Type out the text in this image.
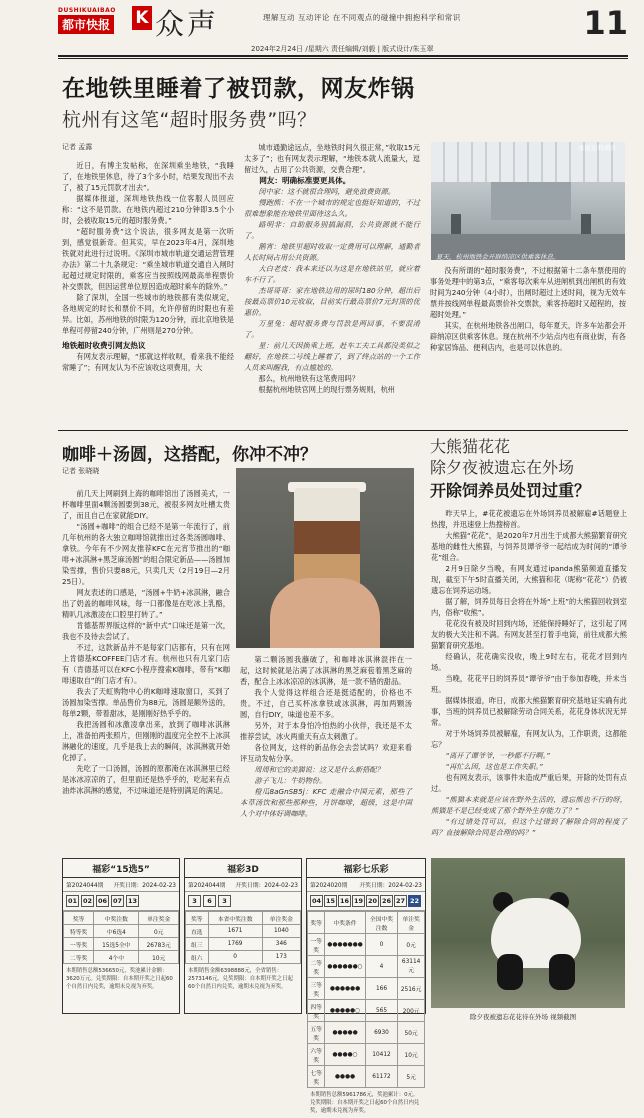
DUSHIKUAIBAO
都市快报 K 众声	理解互动 互动评论 在不同观点的碰撞中拥抱科学和常识	11
2024年2月24日 /星期六 责任编辑/刘毅 | 版式设计/朱玉翠
在地铁里睡着了被罚款，网友炸锅
杭州有这笔“超时服务费”吗？
记者 孟露

近日，有博主发帖称，在深圳乘坐地铁，“我睡了，在地铁里休息，待了3个多小时，结果发现出不去了，被了15元罚款才出去”。

据媒体报道，深圳地铁热线一位客服人员回应称：“这不是罚款。在地铁内超过210分钟即3.5个小时，会被收取15元的超时服务费。”

“超时服务费”这个说法，很多网友是第一次听到，感觉很新奇。但其实，早在2023年4月，深圳地铁就对此进行过说明。《深圳市城市轨道交通运营管理办法》第二十九条规定：“乘坐城市轨道交通自入闸时起超过规定时限的，乘客应当按照线网最高单程票价补交票款，但因运营单位原因造成超时乘车的除外。”

除了深圳，全国一些城市的地铁都有类似规定，各地规定的时长和票价不同，允许停留的时限也有差异。比如，苏州地铁的时限为120分钟，而北京地铁是单程可停留240分钟，广州则是270分钟。

地铁超时收费引网友热议

有网友表示理解，“那就这样收呗，看来我不能经常睡了”；有网友认为不应该收这项费用，大

城市通勤途远点，坐地铁时间久很正常，”收取15元太多了”；也有网友表示理解，“地铁本就人流量大，逗留过久，占用了公共资源，交费合理”。

网友：明确标准要更具体。

闵中家：这不就很合理吗，避免浪费资源。

慢跑熊：不在一个城市的规定也挺好知道的，不过很难想象能在地铁里面待这么久。

路明非：自助服务别搞漏洞，公共资源就不能行了。

鹅宵：地铁里超时收取一定费用可以理解，通勤者人长时间占用公共资源。

大白老皮：我本来还以为这是在地铁站里，就应着车不行了。

杰哥哥哥：家在地铁边用的尿时180分钟，超出后按最高票价10元收取，目前实行最高票价7元封顶的优惠价。

万星兔：超时服务费与罚款是两回事，不要混淆了。

星：前几天因换乘上班，赶车工夫工具都没类似之翻好，在地铁二号线上睡着了，到了终点站的一个工作人员来叫醒我，有点尴尬的。

那么，杭州地铁有这笔费用吗？

根据杭州地铁官网上的现行票务规则，杭州

夏天，杭州地铁会开辟纳凉区供乘客休息。
本报资料照片

没有所谓的“超时服务费”，不过根据第十二条车票使用的事务处理中的第3点，“乘客每次乘车从进闸机到出闸机的有效时间为240分钟（4小时），出闸时超过上述时间，视为无效车票并按线网单程最高票价补交票款，乘客持超时又超程的，按超时处理。”

其实，在杭州地铁各出闸口，每年夏天，许多车站都会开辟纳凉区供乘客休息。现在杭州不少站点内也有商业街，有各种家居饰品、便利店内，也是可以休息的。

咖啡＋汤圆，这搭配，你冲不冲？
记者 张晓晓

前几天上网刷到上海的咖啡馆出了汤圆美式，一杯咖啡里面4颗汤圆要到38元，被很多网友吐槽太贵了，而且自己在家就能DIY。

“汤圆+咖啡”的组合已经不是第一年流行了，前几年杭州的各大独立咖啡馆就推出过各类汤圆咖啡、拿铁。今年有不少网友推荐KFC在元宵节推出的“咖啡+冰淇淋+黑芝麻汤圆”的组合限定新品——汤圆加染雪撑，售价只要88元，只卖几天（2月19日—2月25日）。

网友表述的口感是，“汤圆+牛奶+冰淇淋，融合出了奶盖的咖啡风味，每一口都像是在吃冰上乳酪，精叭几冰激凌在口腔里打转了。”

肯德基帮界版这样的“新中式”口味还是第一次，我也不及待去尝试了。

不过，这款新品并不是每家门店都有，只有在网上肯德基KCOFFEE门店才有。杭州也只有几家门店有（肯德基可以在KFC小程序搜索K咖啡，带有“K咖啡速取自”的门店才有）。

我去了天虹购物中心的K咖啡速取窗口，买到了汤圆加染雪撑。单品售价为88元，汤圆是额外送的，每单2颗，带着甜冰，是刚刚好热乎乎的。

我把汤圆和冰激凌拿出来，放到了咖啡冰淇淋上，准备拍两张照片，但刚刚的温度完全控不上冰淇淋融化的速度，几乎是我上去的瞬间，冰淇淋就开始化掉了。

先吃了一口汤圆，汤圆的原都淹在冰淇淋里已经是冰冰凉凉的了，但里面还是热乎乎的，吃起来有点油炸冰淇淋的感觉，不过味道还是特别满足的满足。

第二颗汤圆我蘸破了，和咖啡冰淇淋混拌在一起，这时候就是沾满了冰淇淋的黑芝麻苞着黑芝麻的香，配合上冰冰凉凉的冰淇淋，是一款不错的甜品。

我个人觉得这样组合还是挺适配的，价格也不贵。不过，自己买杯冰拿铁或冰淇淋，再加两颗汤圆，自行DIY，味道也差不多。

另外，对于本身怕冷怕热的小伙伴，我还是不太推荐尝试，冰火两重天有点太刺激了。

各位网友，这样的新品你会去尝试吗？欢迎来看评互动发帖分享。

周周和它的美猫说：这又是什么新搭配？

游子飞儿：牛奶物份。

橙瓜8aGnSB5j：KFC 走融合中国元素，那些了本草汤饮和那些那种些，月饼咖啡，超级，这是中国人个对中体好调咖啡。

大熊猫花花
除夕夜被遗忘在外场
开除饲养员处罚过重？

昨天早上，#花花被遗忘在外场饲养员被解雇#话题登上热搜，并迅速登上热搜榜首。

大熊猫“花花”，是2020年7月出生于成都大熊猫繁育研究基地的雌性大熊猫，与饲养员谭爷爷一起结成为时间的“谭爷花”组合。

2月9日除夕当晚，有网友通过ipanda熊猫频道直播发现，截至下午5时直播关闭，大熊猫和花（昵称“花花”）仍被遗忘在饲养运动场。

据了解，饲养员每日会将在外场“上班”的大熊猫回收到室内，俗称“收熊”。

花花没有被及时回到内场，还能保持睡好了，这引起了网友的极大关注和不满。有网友甚至打着手电筒，前往成都大熊猫繁育研究基地。

经确认，花花确实没收，晚上9时左右，花花才回到内场。

当晚，花花平日的饲养员“谭爷爷”由于参加春晚，并未当班。

据媒体报道，昨日，成都大熊猫繁育研究基地证实确有此事，当班的饲养员已被解除劳动合同关系，花花身体状况无异常。

对于外场饲养员被解雇，有网友认为，工作职责，这都能忘？

“离开了谭爷爷，一秒都不行啊。”

“再忙么因，这也是工作失职。”

也有网友表示，该事件未造成严重后果，开除的处罚有点过。

“熊猫本来就是应该在野外生活的，遗忘熊也不行的呀，熊猫是不是已经变成了那个野外生存能力了？”

“有过错处罚可以，但这个过错到了解除合同的程度了吗？直接解除合同是合理的吗？”

除夕夜被遗忘花花待在外场 视频截图
福彩“15选5”
第2024044期 开奖日期：2024-02-23
01 02 06 07 13
奖等	中奖注数	单注奖金
特等奖	中6选4	0元
一等奖	15选5全中	26783元
二等奖	4个中	10元
本期销售总额536650元，奖池累计金额：3620万元。兑奖期限：自本期开奖之日起60个自然日内兑奖，逾期未兑视为弃奖。
福彩3D
第2024044期 开奖日期：2024-02-23
3	6	3
奖等	本省中奖注数	单注奖金
直选	1671	1040
组三	1769	346
组六	0	173
本期销售金额6398888元，全省销售：2573146元。兑奖期限：自本期开奖之日起60个自然日内兑奖，逾期未兑视为弃奖。
福彩七乐彩
第2024020期 开奖日期：2024-02-23
04 15 16 19 20 26 27 22
奖等	中奖条件	全国中奖注数	单注奖金
一等奖	●●●●●●●	0	0元
二等奖	●●●●●●○	4	63114元
三等奖	●●●●●●	166	2516元
四等奖	●●●●●○	565	200元
五等奖	●●●●●	6930	50元
六等奖	●●●●○	10412	10元
七等奖	●●●●	61172	5元
本期销售总额5961786元，奖池累计：0元。兑奖期限：自本期开奖之日起60个自然日内兑奖，逾期未兑视为弃奖。
